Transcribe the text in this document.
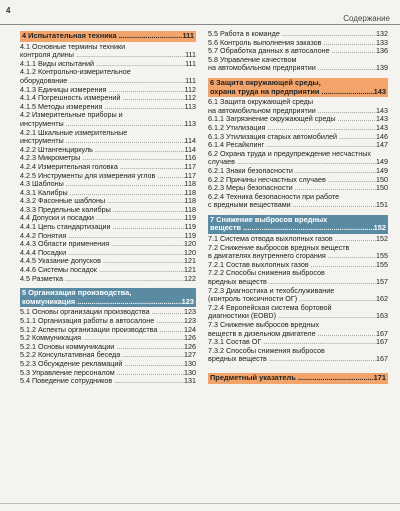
4
Содержание
4 Испытательная техника .....	111
4.1 Основные термины техники
контроля длины .....	111
4.1.1 Виды испытаний .....	111
4.1.2 Контрольно-измерительное
оборудование .....	111
4.1.3 Единицы измерения .....	112
4.1.4 Погрешность измерений .....	112
4.1.5 Методы измерения .....	113
4.2 Измерительные приборы и
инструменты .....	113
4.2.1 Шкальные измерительные
инструменты .....	114
4.2.2 Штангенциркуль .....	114
4.2.3 Микрометры .....	116
4.2.4 Измерительная головка .....	117
4.2.5 Инструменты для измерения углов .....	117
4.3 Шаблоны .....	118
4.3.1 Калибры .....	118
4.3.2 Фасонные шаблоны .....	118
4.3.3 Предельные калибры .....	118
4.4 Допуски и посадки .....	119
4.4.1 Цепь стандартизации .....	119
4.4.2 Понятия .....	119
4.4.3 Области применения .....	120
4.4.4 Посадки .....	120
4.4.5 Указание допусков .....	121
4.4.6 Системы посадок .....	121
4.5 Разметка .....	122
5 Организация производства,
коммуникация .....	123
5.1 Основы организации производства .....	123
5.1.1 Организация работы в автосалоне .....	123
5.1.2 Аспекты организации производства .....	124
5.2 Коммуникация .....	126
5.2.1 Основы коммуникации .....	126
5.2.2 Консультативная беседа .....	127
5.2.3 Обсуждение рекламаций .....	130
5.3 Управление персоналом .....	130
5.4 Поведение сотрудников .....	131
5.5 Работа в команде .....	132
5.6 Контроль выполнения заказов .....	133
5.7 Обработка данных в автосалоне .....	136
5.8 Управление качеством
на автомобильном предприятии .....	139
6 Защита окружающей среды,
охрана труда на предприятии .....	143
6.1 Защита окружающей среды
на автомобильном предприятии .....	143
6.1.1 Загрязнение окружающей среды .....	143
6.1.2 Утилизация .....	143
6.1.3 Утилизация старых автомобилей .....	146
6.1.4 Ресайклинг .....	147
6.2 Охрана труда и предупреждение несчастных
случаев .....	149
6.2.1 Знаки безопасности .....	149
6.2.2 Причины несчастных случаев .....	150
6.2.3 Меры безопасности .....	150
6.2.4 Техника безопасности при работе
с вредными веществами .....	151
7 Снижение выбросов вредных
веществ .....	152
7.1 Система отвода выхлопных газов .....	152
7.2 Снижение выбросов вредных веществ
в двигателях внутреннего сгорания .....	155
7.2.1 Состав выхлопных газов .....	155
7.2.2 Способы снижения выбросов
вредных веществ .....	157
7.2.3 Диагностика и техобслуживание
(контроль токсичности ОГ) .....	162
7.2.4 Европейская система бортовой
диагностики (ЕОВD) .....	163
7.3 Снижение выбросов вредных
веществ в дизельном двигателе .....	167
7.3.1 Состав ОГ .....	167
7.3.2 Способы снижения выбросов
вредных веществ .....	167
Предметный указатель .....	171
